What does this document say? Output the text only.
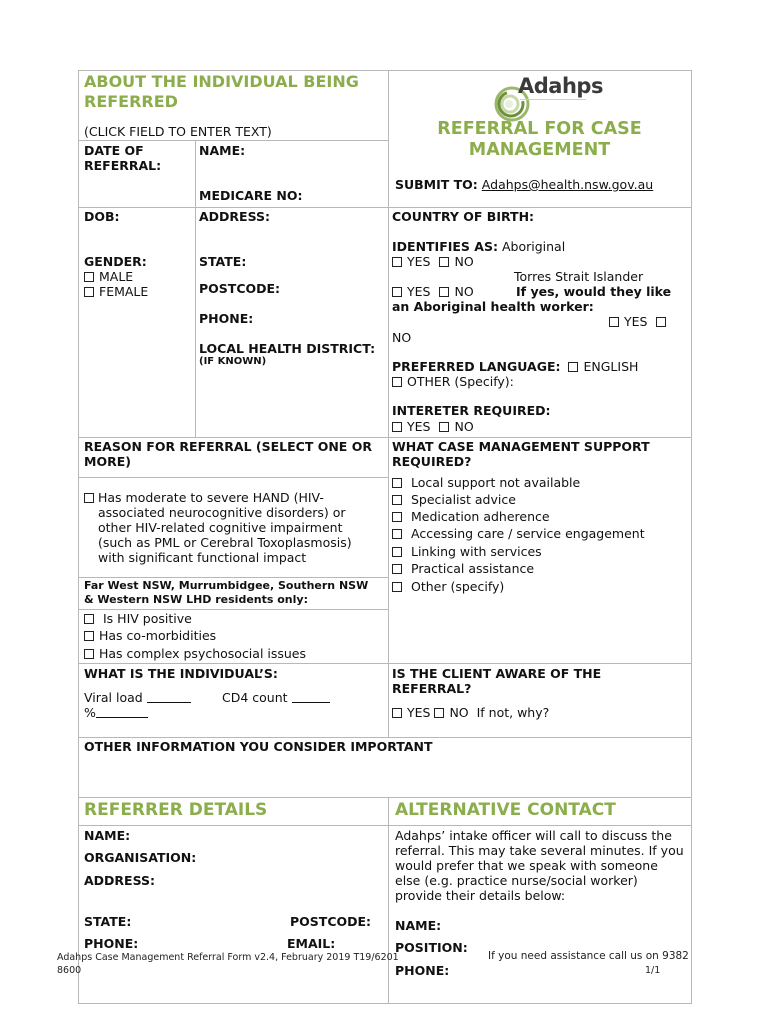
ABOUT THE INDIVIDUAL BEING
REFERRED
(CLICK FIELD TO ENTER TEXT)

Adahps
REFERRAL FOR CASE
MANAGEMENT
SUBMIT TO: Adahps@health.nsw.gov.au
DATE OF
REFERRAL:
NAME:
MEDICARE NO:
DOB:	ADDRESS:	COUNTRY OF BIRTH:
GENDER:
MALE
FEMALE
STATE:
POSTCODE:
PHONE:
LOCAL HEALTH DISTRICT:
(IF KNOWN)
IDENTIFIES AS: Aboriginal
YES NO
Torres Strait Islander
YES NO	If yes, would they like
an Aboriginal health worker:
YES
NO
PREFERRED LANGUAGE: ENGLISH
OTHER (Specify):
INTERETER REQUIRED:
YES NO
REASON FOR REFERRAL (SELECT ONE OR
MORE)
Has moderate to severe HAND (HIV-
associated neurocognitive disorders) or
other HIV-related cognitive impairment
(such as PML or Cerebral Toxoplasmosis)
with significant functional impact
Far West NSW, Murrumbidgee, Southern NSW
& Western NSW LHD residents only:
Is HIV positive
Has co-morbidities
Has complex psychosocial issues
WHAT CASE MANAGEMENT SUPPORT
REQUIRED?
Local support not available
Specialist advice
Medication adherence
Accessing care / service engagement
Linking with services
Practical assistance
Other (specify)
WHAT IS THE INDIVIDUAL’S:
Viral load	CD4 count
%
IS THE CLIENT AWARE OF THE
REFERRAL?
YES NO If not, why?
OTHER INFORMATION YOU CONSIDER IMPORTANT
REFERRER DETAILS
NAME:
ORGANISATION:
ADDRESS:
STATE:	POSTCODE:
PHONE:	EMAIL:
ALTERNATIVE CONTACT
Adahps’ intake officer will call to discuss the
referral. This may take several minutes. If you
would prefer that we speak with someone
else (e.g. practice nurse/social worker)
provide their details below:
NAME:
POSITION:
PHONE:
Adahps Case Management Referral Form v2.4, February 2019 T19/6201
8600
If you need assistance call us on 9382
1/1
